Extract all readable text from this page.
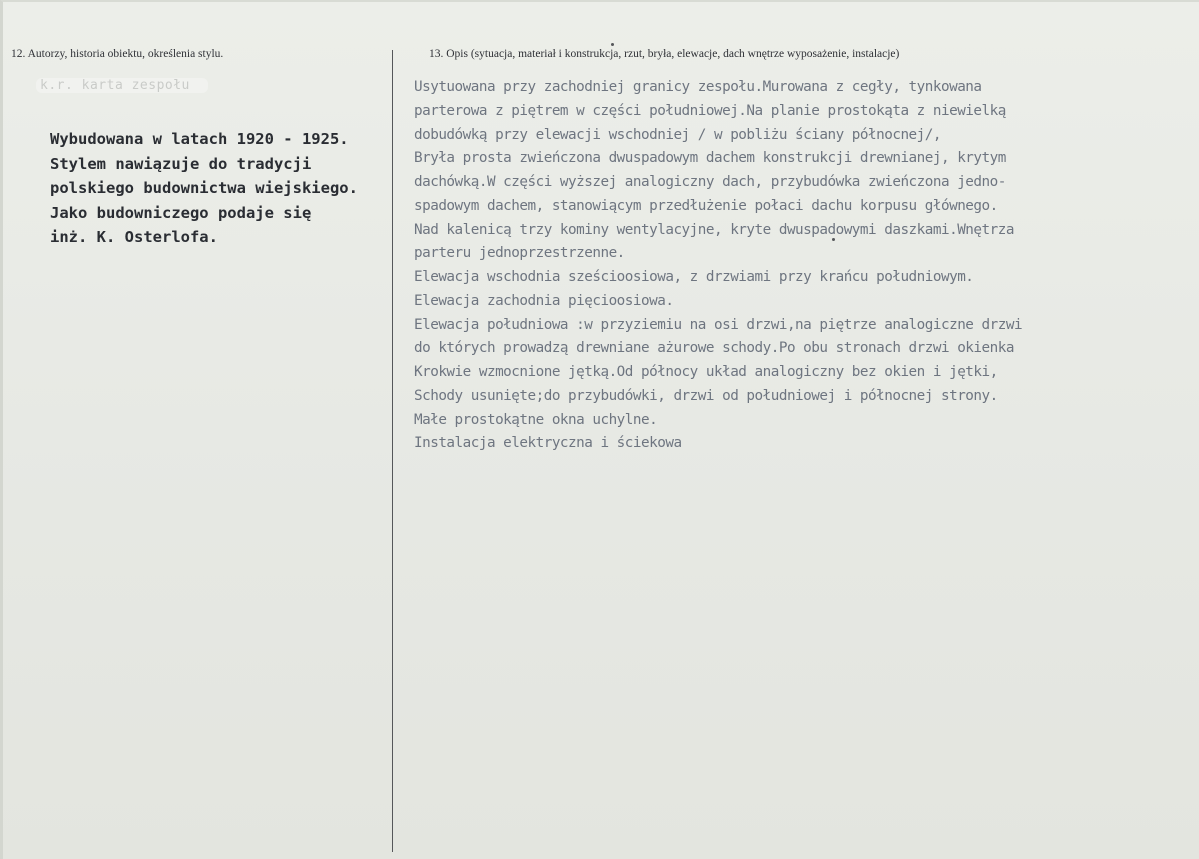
12. Autorzy, historia obiektu, określenia stylu.	13. Opis (sytuacja, materiał i konstrukcja, rzut, bryła, elewacje, dach wnętrze wyposażenie, instalacje)
k.r. karta zespołu
Wybudowana w latach 1920 - 1925.
Stylem nawiązuje do tradycji
polskiego budownictwa wiejskiego.
Jako budowniczego podaje się
inż. K. Osterlofa.
Usytuowana przy zachodniej granicy zespołu.Murowana z cegły, tynkowana
parterowa z piętrem w części południowej.Na planie prostokąta z niewielką
dobudówką przy elewacji wschodniej / w pobliżu ściany północnej/,
Bryła prosta zwieńczona dwuspadowym dachem konstrukcji drewnianej, krytym
dachówką.W części wyższej analogiczny dach, przybudówka zwieńczona jedno-
spadowym dachem, stanowiącym przedłużenie połaci dachu korpusu głównego.
Nad kalenicą trzy kominy wentylacyjne, kryte dwuspadowymi daszkami.Wnętrza
parteru jednoprzestrzenne.
Elewacja wschodnia sześcioosiowa, z drzwiami przy krańcu południowym.
Elewacja zachodnia pięcioosiowa.
Elewacja południowa :w przyziemiu na osi drzwi,na piętrze analogiczne drzwi
do których prowadzą drewniane ażurowe schody.Po obu stronach drzwi okienka
Krokwie wzmocnione jętką.Od północy układ analogiczny bez okien i jętki,
Schody usunięte;do przybudówki, drzwi od południowej i północnej strony.
Małe prostokątne okna uchylne.
Instalacja elektryczna i ściekowa
